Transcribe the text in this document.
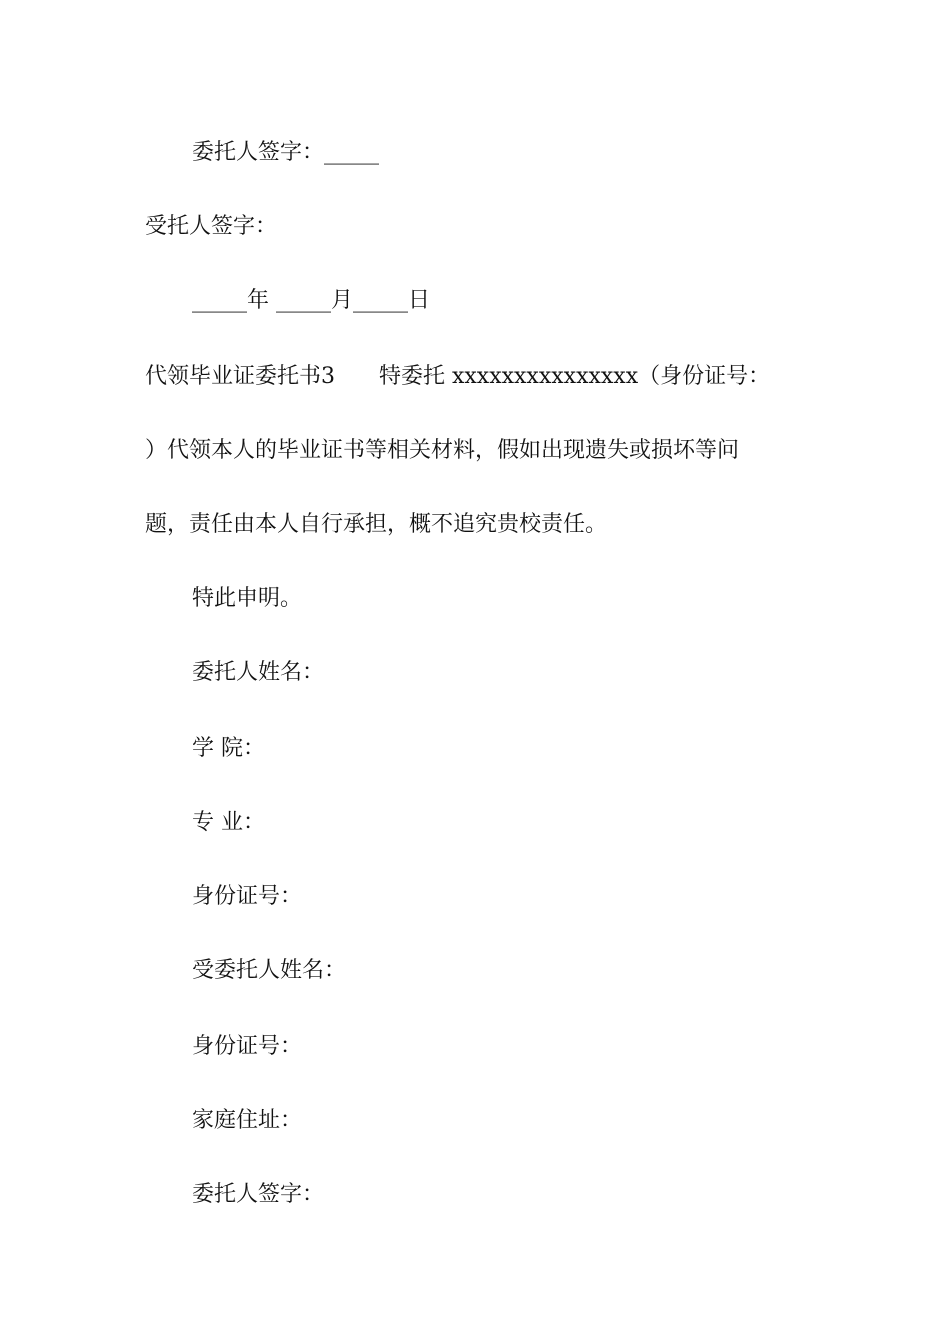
委托人签字：_____
受托人签字：
_____年 _____月_____日
代领毕业证委托书3　　特委托 xxxxxxxxxxxxxxx（身份证号：
）代领本人的毕业证书等相关材料，假如出现遗失或损坏等问
题，责任由本人自行承担，概不追究贵校责任。
特此申明。
委托人姓名：
学 院：
专 业：
身份证号：
受委托人姓名：
身份证号：
家庭住址：
委托人签字：
